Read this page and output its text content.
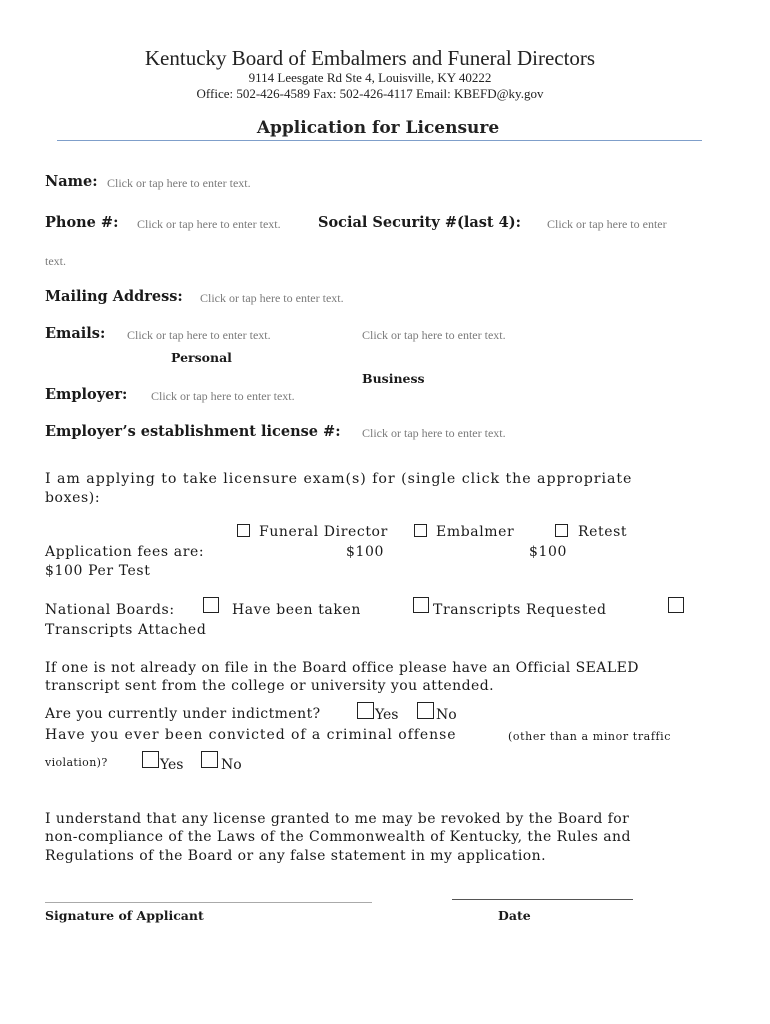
Kentucky Board of Embalmers and Funeral Directors
9114 Leesgate Rd Ste 4, Louisville, KY 40222
Office: 502-426-4589 Fax: 502-426-4117 Email: KBEFD@ky.gov
Application for Licensure
Name: Click or tap here to enter text.
Phone #: Click or tap here to enter text.	Social Security #(last 4): Click or tap here to enter
text.
Mailing Address: Click or tap here to enter text.
Emails: Click or tap here to enter text.	Click or tap here to enter text.
Personal
Business
Employer: Click or tap here to enter text.
Employer’s establishment license #: Click or tap here to enter text.
I am applying to take licensure exam(s) for (single click the appropriate
boxes):
Funeral Director	Embalmer	Retest
Application fees are:	$100	$100
$100 Per Test
National Boards:	Have been taken	Transcripts Requested
Transcripts Attached
If one is not already on file in the Board office please have an Official SEALED
transcript sent from the college or university you attended.
Are you currently under indictment?	Yes	No
Have you ever been convicted of a criminal offense	(other than a minor traffic
violation)?	Yes	No
I understand that any license granted to me may be revoked by the Board for
non-compliance of the Laws of the Commonwealth of Kentucky, the Rules and
Regulations of the Board or any false statement in my application.
Signature of Applicant	Date
